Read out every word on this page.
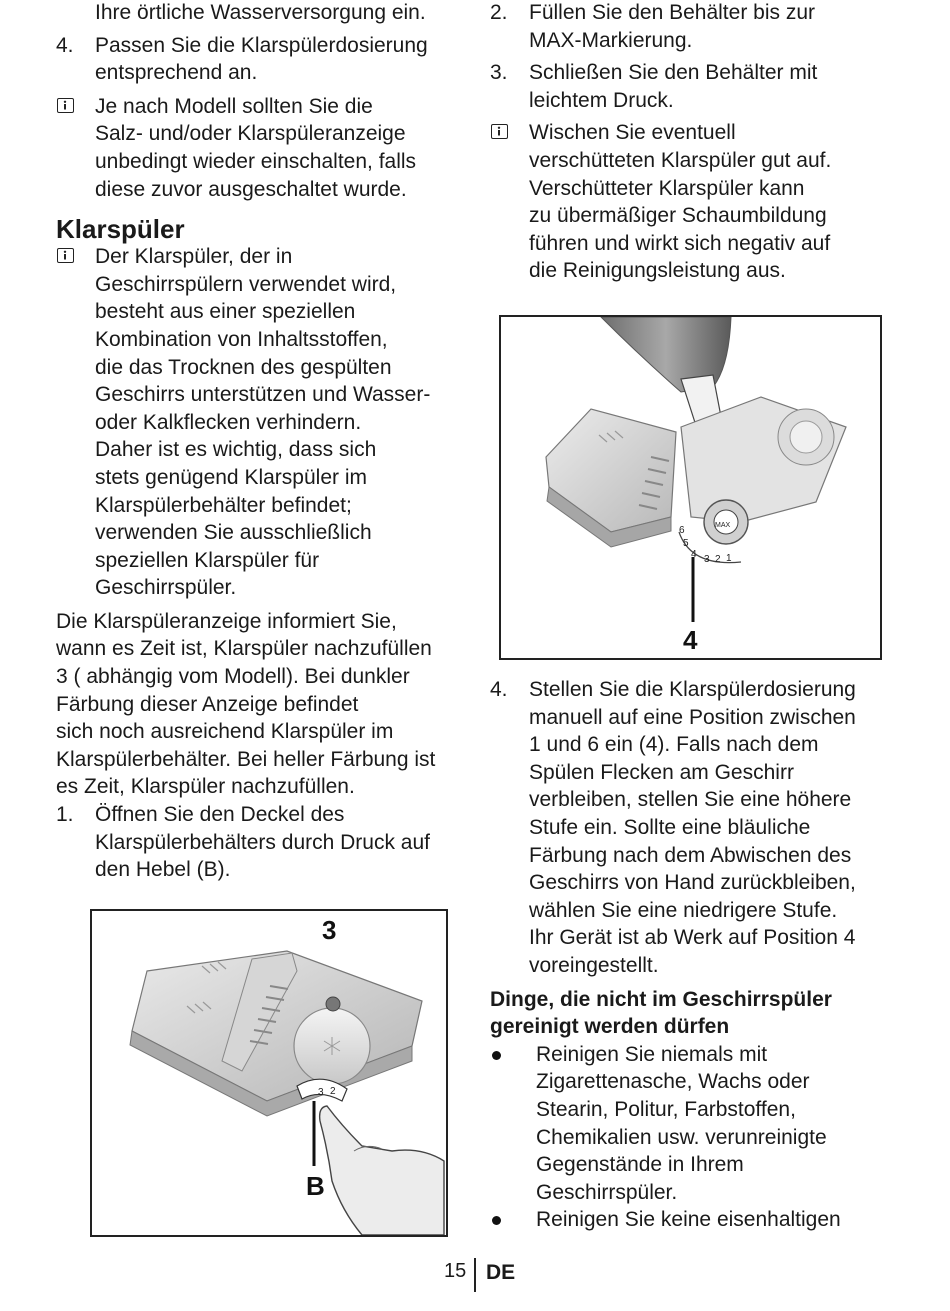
Ihre örtliche Wasserversorgung ein.
4. Passen Sie die Klarspülerdosierung
entsprechend an.
Je nach Modell sollten Sie die
Salz- und/oder Klarspüleranzeige
unbedingt wieder einschalten, falls
diese zuvor ausgeschaltet wurde.
Klarspüler
Der Klarspüler, der in
Geschirrspülern verwendet wird,
besteht aus einer speziellen
Kombination von Inhaltsstoffen,
die das Trocknen des gespülten
Geschirrs unterstützen und Wasser-
oder Kalkflecken verhindern.
Daher ist es wichtig, dass sich
stets genügend Klarspüler im
Klarspülerbehälter befindet;
verwenden Sie ausschließlich
speziellen Klarspüler für
Geschirrspüler.
Die Klarspüleranzeige informiert Sie,
wann es Zeit ist, Klarspüler nachzufüllen
3 ( abhängig vom Modell). Bei dunkler
Färbung dieser Anzeige befindet
sich noch ausreichend Klarspüler im
Klarspülerbehälter. Bei heller Färbung ist
es Zeit, Klarspüler nachzufüllen.
1. Öffnen Sie den Deckel des
Klarspülerbehälters durch Druck auf
den Hebel (B).
3 2
3
B
2. Füllen Sie den Behälter bis zur
MAX-Markierung.
3. Schließen Sie den Behälter mit
leichtem Druck.
Wischen Sie eventuell
verschütteten Klarspüler gut auf.
Verschütteter Klarspüler kann
zu übermäßiger Schaumbildung
führen und wirkt sich negativ auf
die Reinigungsleistung aus.
4. Stellen Sie die Klarspülerdosierung
manuell auf eine Position zwischen
1 und 6 ein (4). Falls nach dem
Spülen Flecken am Geschirr
verbleiben, stellen Sie eine höhere
Stufe ein. Sollte eine bläuliche
Färbung nach dem Abwischen des
Geschirrs von Hand zurückbleiben,
wählen Sie eine niedrigere Stufe.
Ihr Gerät ist ab Werk auf Position 4
voreingestellt.
Dinge, die nicht im Geschirrspüler
gereinigt werden dürfen
Reinigen Sie niemals mit
Zigarettenasche, Wachs oder
Stearin, Politur, Farbstoffen,
Chemikalien usw. verunreinigte
Gegenstände in Ihrem
Geschirrspüler.
Reinigen Sie keine eisenhaltigen
MAX
6
5
4 3 2 1
4
15 DE
